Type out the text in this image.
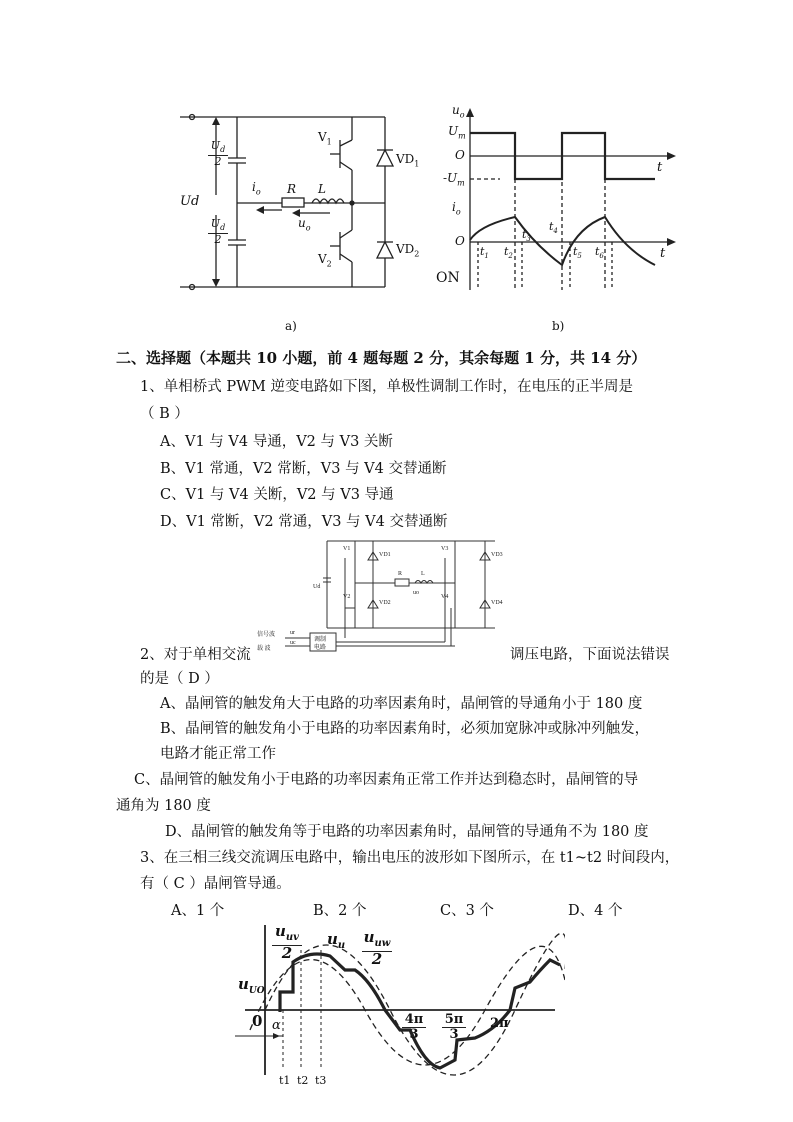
$U_d$
2
$U_d$
2
Ud
$i_o$ R L
$u_o$
$V_1$
$V_2$
$VD_1$
$VD_2$
$u_o$
$U_m$
O
$-U_m$
t
$i_o$
O
t
$t_1$ $t_2$
$t_3$
$t_4$
$t_5$ $t_6$
ON
a)	b)
二、选择题（本题共 10 小题，前 4 题每题 2 分，其余每题 1 分，共 14 分）
1、单相桥式 PWM 逆变电路如下图，单极性调制工作时，在电压的正半周是
（ B ）
A、V1 与 V4 导通，V2 与 V3 关断
B、V1 常通，V2 常断，V3 与 V4 交替通断
C、V1 与 V4 关断，V2 与 V3 导通
D、V1 常断，V2 常通，V3 与 V4 交替通断
V1
VD1
V3
VD3
V2
VD2
V4
VD4
R	L
uo
Ud
信号波
载 波
ur
uc	调制
电路
2、对于单相交流	调压电路，下面说法错误
的是（ D ）
A、晶闸管的触发角大于电路的功率因素角时，晶闸管的导通角小于 180 度
B、晶闸管的触发角小于电路的功率因素角时，必须加宽脉冲或脉冲列触发，
电路才能正常工作
C、晶闸管的触发角小于电路的功率因素角正常工作并达到稳态时，晶闸管的导
通角为 180 度
D、晶闸管的触发角等于电路的功率因素角时，晶闸管的导通角不为 180 度
3、在三相三线交流调压电路中，输出电压的波形如下图所示，在 t1~t2 时间段内，
有（ C ）晶闸管导通。
A、1 个	B、2 个	C、3 个	D、4 个
$u_{uv}$
2
$u_u$ $u_{uw}$
2
$u_{UO}$
0 α	4π
3
5π
3
2π
t1 t2 t3
